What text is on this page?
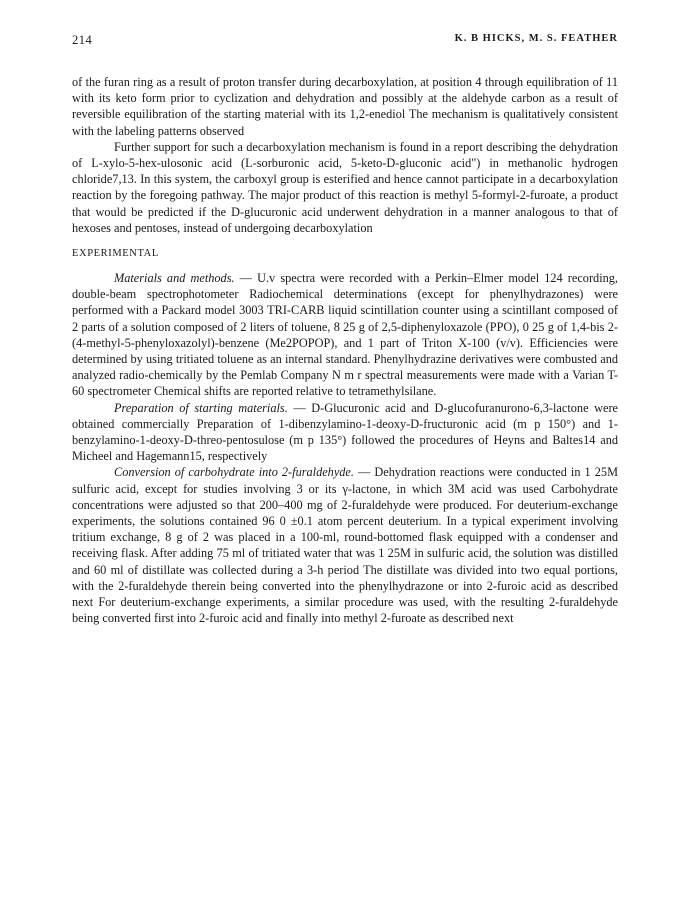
214	K. B HICKS, M. S. FEATHER

of the furan ring as a result of proton transfer during decarboxylation, at position 4 through equilibration of 11 with its keto form prior to cyclization and dehydration and possibly at the aldehyde carbon as a result of reversible equilibration of the starting material with its 1,2-enediol The mechanism is qualitatively consistent with the labeling patterns observed

Further support for such a decarboxylation mechanism is found in a report describing the dehydration of L-xylo-5-hex-ulosonic acid (L-sorburonic acid, 5-keto-D-gluconic acid") in methanolic hydrogen chloride7,13. In this system, the carboxyl group is esterified and hence cannot participate in a decarboxylation reaction by the foregoing pathway. The major product of this reaction is methyl 5-formyl-2-furoate, a product that would be predicted if the D-glucuronic acid underwent dehydration in a manner analogous to that of hexoses and pentoses, instead of undergoing decarboxylation

EXPERIMENTAL

Materials and methods. — U.v spectra were recorded with a Perkin–Elmer model 124 recording, double-beam spectrophotometer Radiochemical determinations (except for phenylhydrazones) were performed with a Packard model 3003 TRI-CARB liquid scintillation counter using a scintillant composed of 2 parts of a solution composed of 2 liters of toluene, 8 25 g of 2,5-diphenyloxazole (PPO), 0 25 g of 1,4-bis 2-(4-methyl-5-phenyloxazolyl)-benzene (Me2POPOP), and 1 part of Triton X-100 (v/v). Efficiencies were determined by using tritiated toluene as an internal standard. Phenylhydrazine derivatives were combusted and analyzed radio-chemically by the Pemlab Company N m r spectral measurements were made with a Varian T-60 spectrometer Chemical shifts are reported relative to tetramethylsilane.

Preparation of starting materials. — D-Glucuronic acid and D-glucofuranurono-6,3-lactone were obtained commercially Preparation of 1-dibenzylamino-1-deoxy-D-fructuronic acid (m p 150°) and 1-benzylamino-1-deoxy-D-threo-pentosulose (m p 135°) followed the procedures of Heyns and Baltes14 and Micheel and Hagemann15, respectively

Conversion of carbohydrate into 2-furaldehyde. — Dehydration reactions were conducted in 1 25M sulfuric acid, except for studies involving 3 or its γ-lactone, in which 3M acid was used Carbohydrate concentrations were adjusted so that 200–400 mg of 2-furaldehyde were produced. For deuterium-exchange experiments, the solutions contained 96 0 ±0.1 atom percent deuterium. In a typical experiment involving tritium exchange, 8 g of 2 was placed in a 100-ml, round-bottomed flask equipped with a condenser and receiving flask. After adding 75 ml of tritiated water that was 1 25M in sulfuric acid, the solution was distilled and 60 ml of distillate was collected during a 3-h period The distillate was divided into two equal portions, with the 2-furaldehyde therein being converted into the phenylhydrazone or into 2-furoic acid as described next For deuterium-exchange experiments, a similar procedure was used, with the resulting 2-furaldehyde being converted first into 2-furoic acid and finally into methyl 2-furoate as described next
